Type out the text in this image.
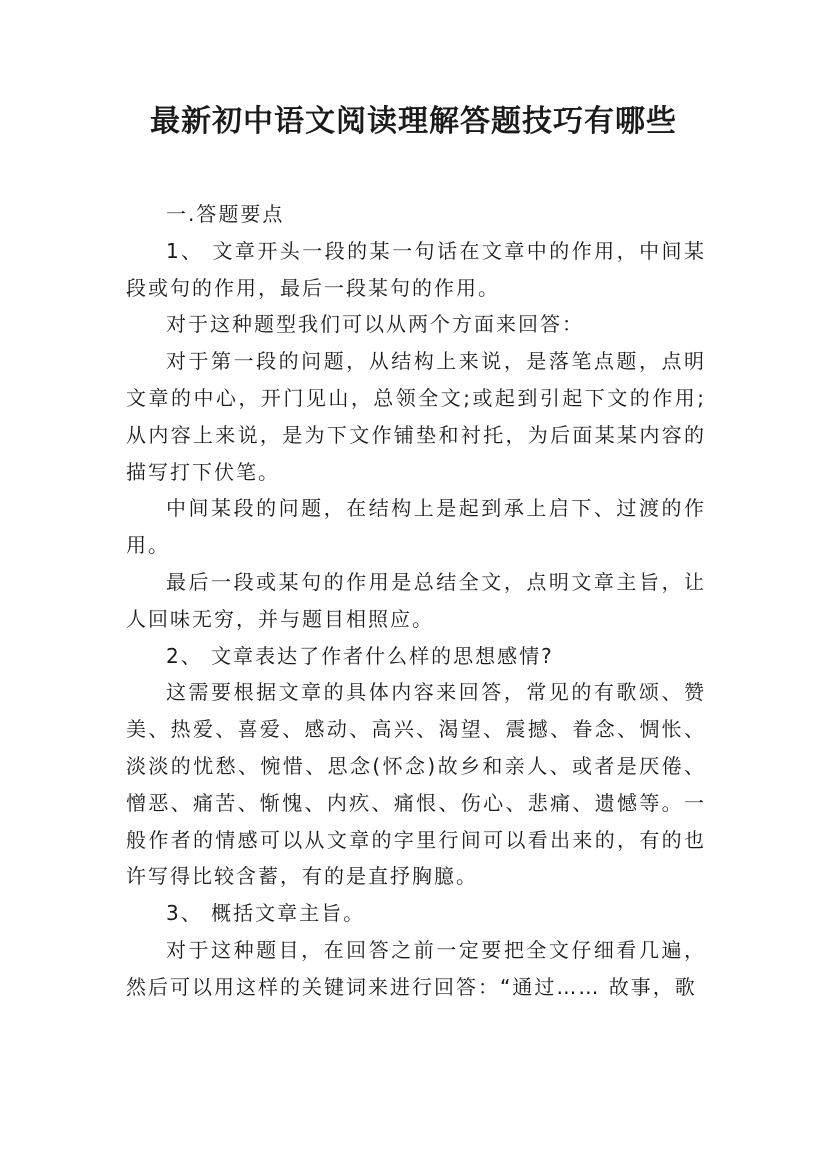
最新初中语文阅读理解答题技巧有哪些

一.答题要点

1、 文章开头一段的某一句话在文章中的作用，中间某段或句的作用，最后一段某句的作用。

对于这种题型我们可以从两个方面来回答：

对于第一段的问题，从结构上来说，是落笔点题，点明文章的中心，开门见山，总领全文;或起到引起下文的作用;从内容上来说，是为下文作铺垫和衬托，为后面某某内容的描写打下伏笔。

中间某段的问题，在结构上是起到承上启下、过渡的作用。

最后一段或某句的作用是总结全文，点明文章主旨，让人回味无穷，并与题目相照应。

2、 文章表达了作者什么样的思想感情?

这需要根据文章的具体内容来回答，常见的有歌颂、赞美、热爱、喜爱、感动、高兴、渴望、震撼、眷念、惆怅、淡淡的忧愁、惋惜、思念(怀念)故乡和亲人、或者是厌倦、憎恶、痛苦、惭愧、内疚、痛恨、伤心、悲痛、遗憾等。一般作者的情感可以从文章的字里行间可以看出来的，有的也许写得比较含蓄，有的是直抒胸臆。

3、 概括文章主旨。

对于这种题目，在回答之前一定要把全文仔细看几遍，然后可以用这样的关键词来进行回答：“通过…… 故事，歌
